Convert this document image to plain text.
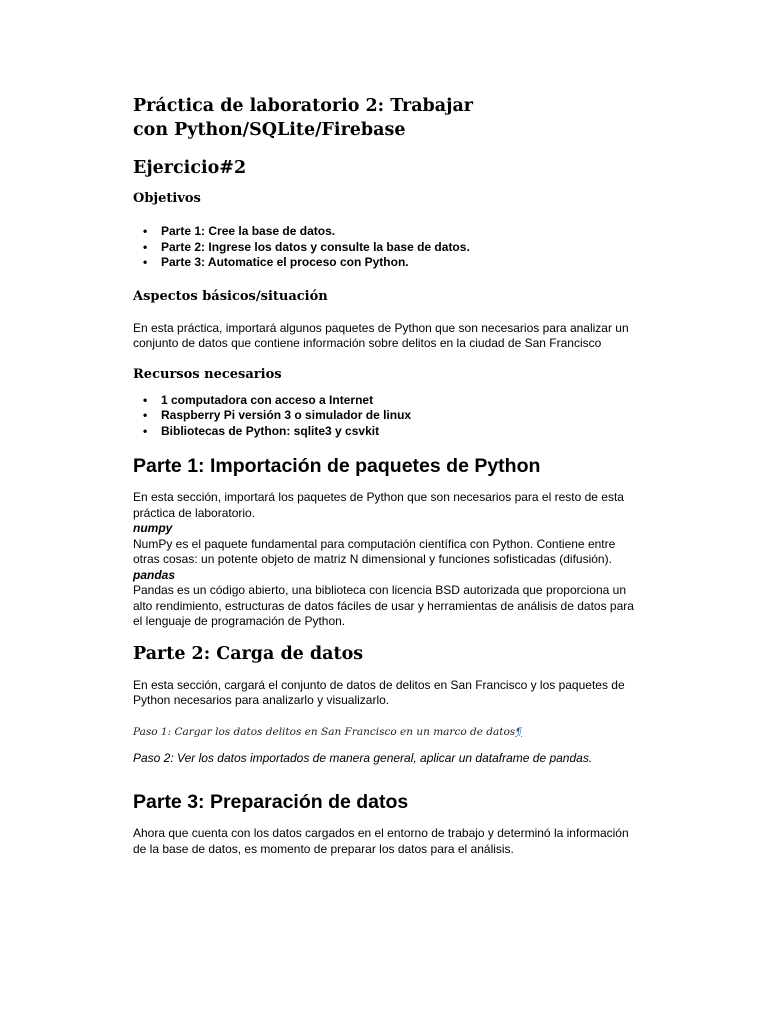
Práctica de laboratorio 2: Trabajar con Python/SQLite/Firebase
Ejercicio#2
Objetivos
• Parte 1: Cree la base de datos.
• Parte 2: Ingrese los datos y consulte la base de datos.
• Parte 3: Automatice el proceso con Python.
Aspectos básicos/situación

En esta práctica, importará algunos paquetes de Python que son necesarios para analizar un conjunto de datos que contiene información sobre delitos en la ciudad de San Francisco

Recursos necesarios
• 1 computadora con acceso a Internet
• Raspberry Pi versión 3 o simulador de linux
• Bibliotecas de Python: sqlite3 y csvkit
Parte 1: Importación de paquetes de Python

En esta sección, importará los paquetes de Python que son necesarios para el resto de esta práctica de laboratorio.

numpy

NumPy es el paquete fundamental para computación científica con Python. Contiene entre otras cosas: un potente objeto de matriz N dimensional y funciones sofisticadas (difusión).

pandas

Pandas es un código abierto, una biblioteca con licencia BSD autorizada que proporciona un alto rendimiento, estructuras de datos fáciles de usar y herramientas de análisis de datos para el lenguaje de programación de Python.

Parte 2: Carga de datos

En esta sección, cargará el conjunto de datos de delitos en San Francisco y los paquetes de Python necesarios para analizarlo y visualizarlo.

Paso 1: Cargar los datos delitos en San Francisco en un marco de datos¶

Paso 2: Ver los datos importados de manera general, aplicar un dataframe de pandas.

Parte 3: Preparación de datos

Ahora que cuenta con los datos cargados en el entorno de trabajo y determinó la información de la base de datos, es momento de preparar los datos para el análisis.
